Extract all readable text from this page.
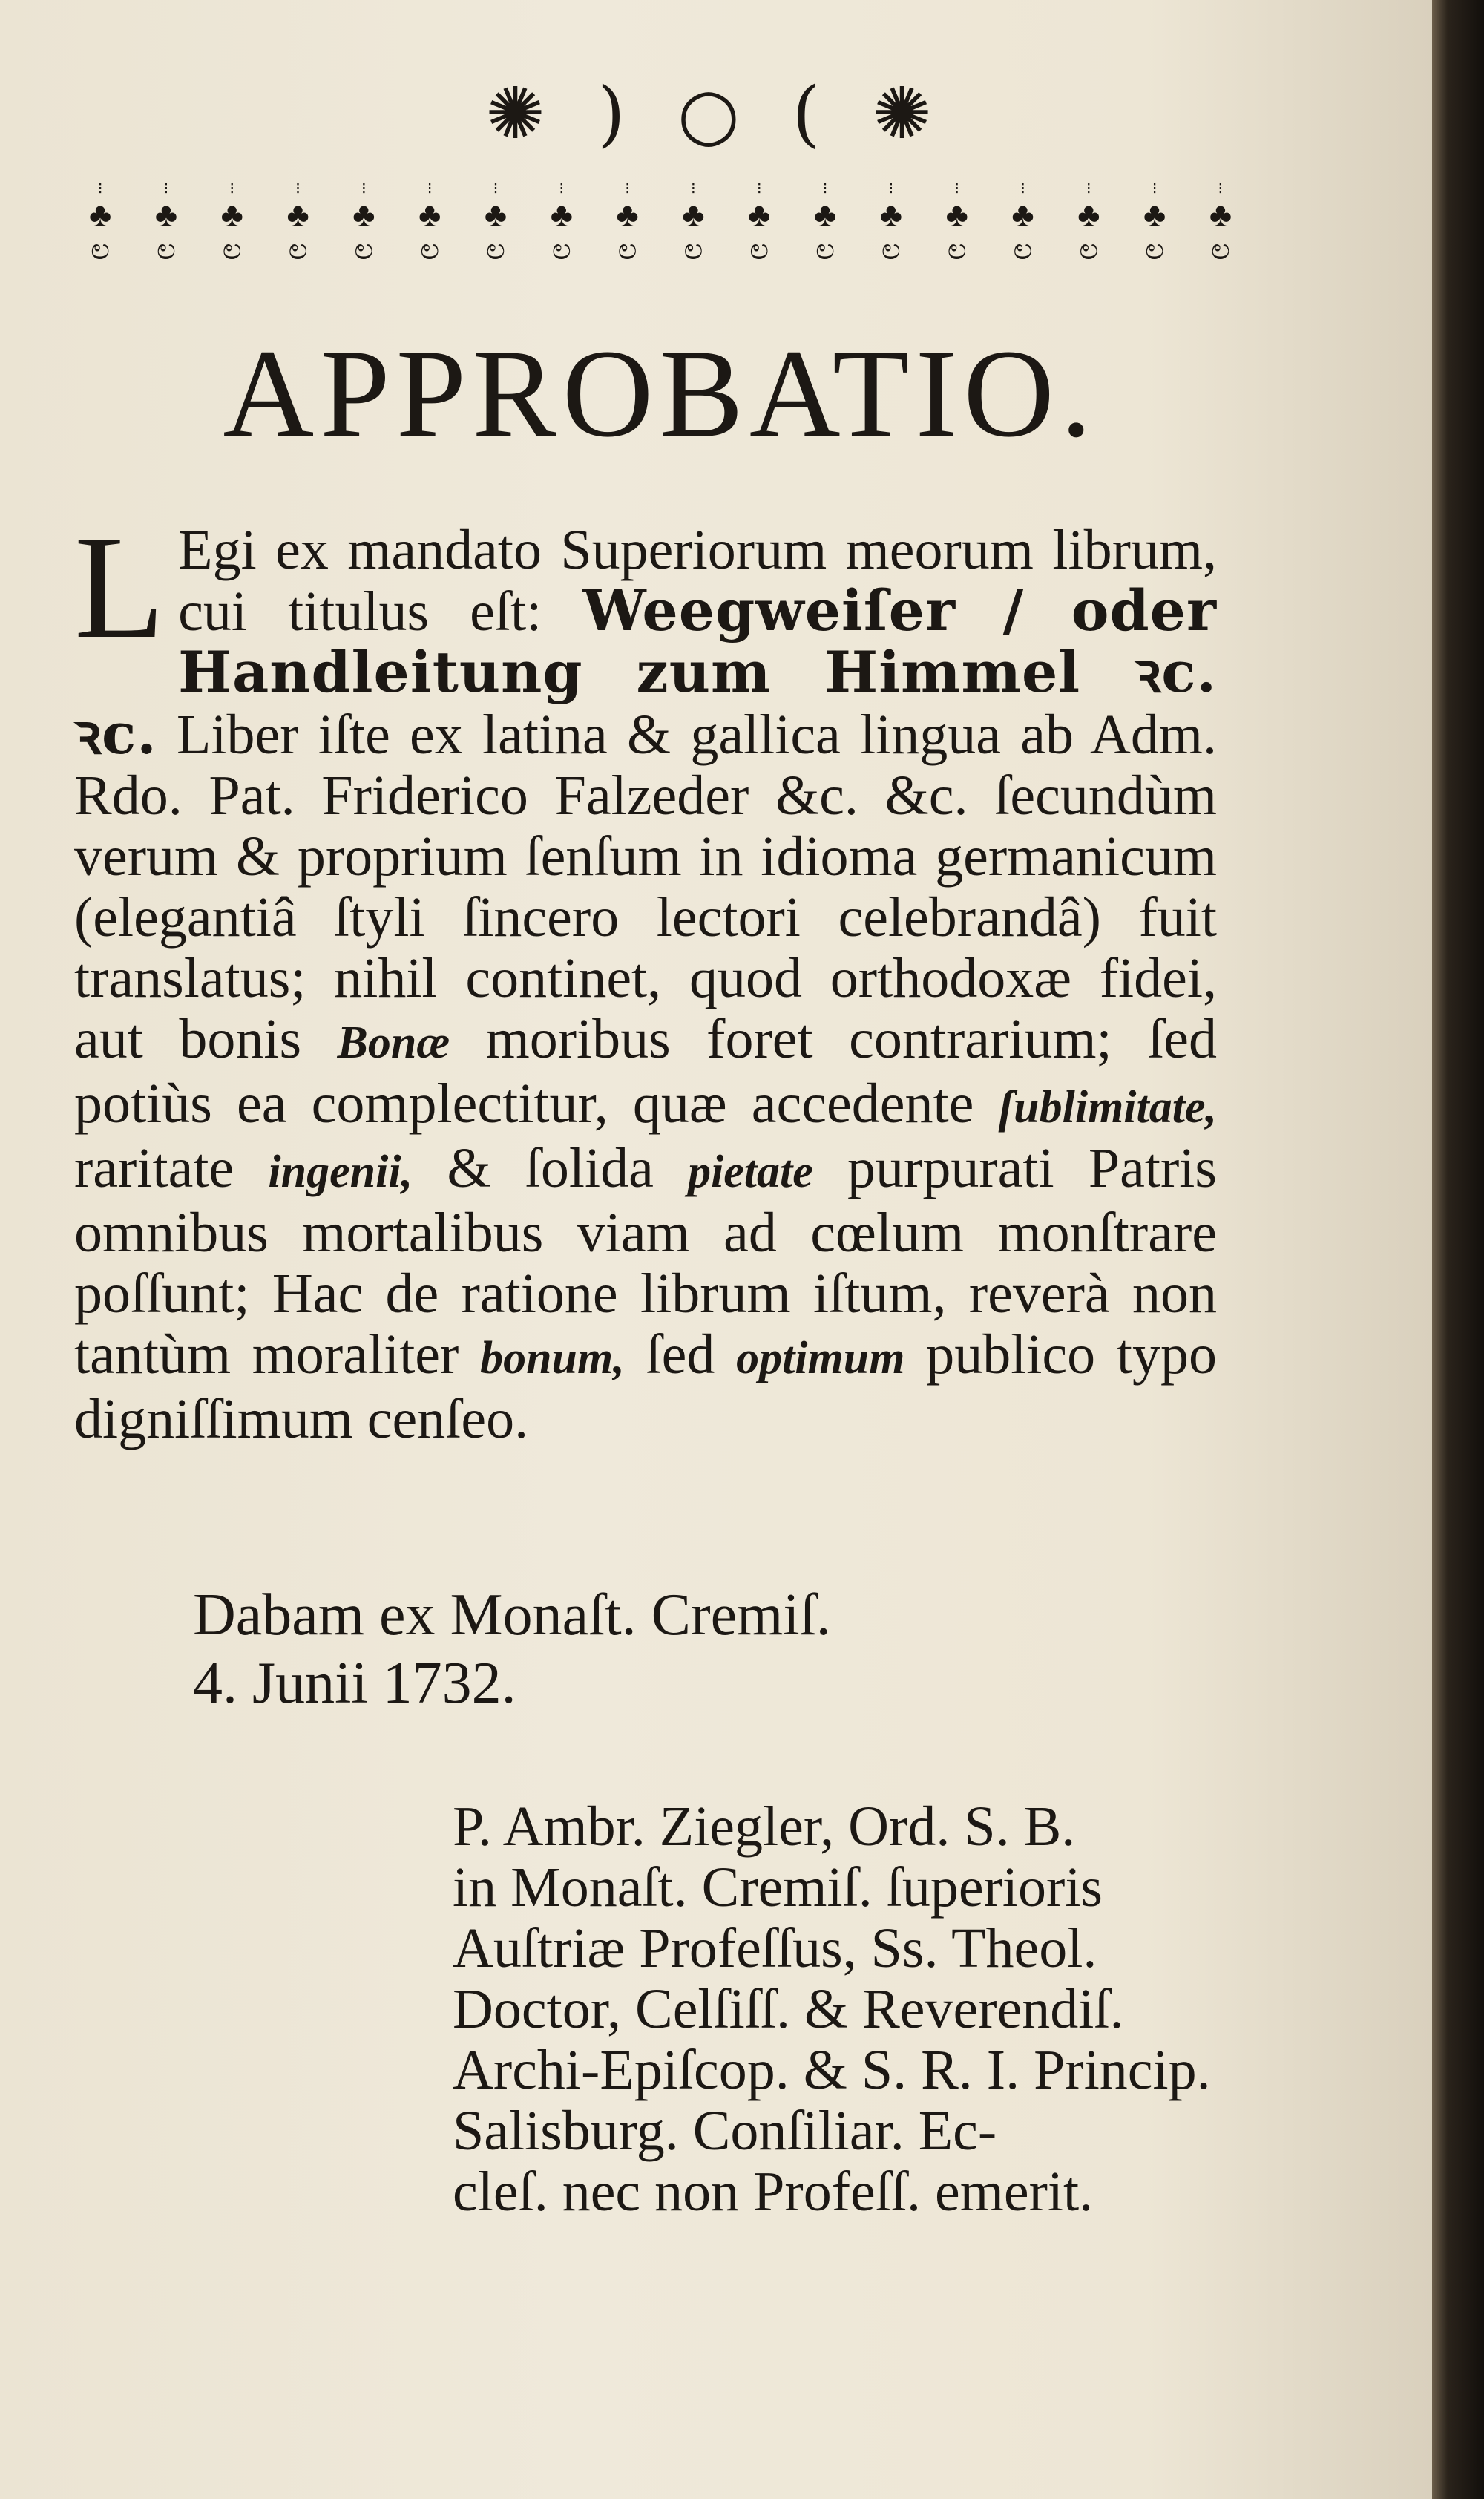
✺ ) ○ ( ✺
⁝
♣
ಲ
⁝
♣
ಲ
⁝
♣
ಲ
⁝
♣
ಲ
⁝
♣
ಲ
⁝
♣
ಲ
⁝
♣
ಲ
⁝
♣
ಲ
⁝
♣
ಲ
⁝
♣
ಲ
⁝
♣
ಲ
⁝
♣
ಲ
⁝
♣
ಲ
⁝
♣
ಲ
⁝
♣
ಲ
⁝
♣
ಲ
⁝
♣
ಲ
⁝
♣
ಲ
APPROBATIO.
L Egi ex mandato Superiorum meorum librum, cui titulus eſt: Weegweiſer / oder Handleitung zum Himmel ꝛc. ꝛc. Liber iſte ex latina & gallica lingua ab Adm. Rdo. Pat. Friderico Falzeder &c. &c. ſecundùm verum & proprium ſenſum in idioma germanicum (elegantiâ ſtyli ſincero lectori celebrandâ) fuit translatus; nihil continet, quod orthodoxæ fidei, aut bonis Bonæ moribus foret contrarium; ſed potiùs ea complectitur, quæ accedente ſublimitate, raritate ingenii, & ſolida pietate purpurati Patris omnibus mortalibus viam ad cœlum monſtrare poſſunt; Hac de ratione librum iſtum, reverà non tantùm moraliter bonum, ſed optimum publico typo digniſſimum cenſeo.
Dabam ex Monaſt. Cremiſ.
4. Junii 1732.
P. Ambr. Ziegler, Ord. S. B.
in Monaſt. Cremiſ. ſuperioris
Auſtriæ Profeſſus, Ss. Theol.
Doctor, Celſiſſ. & Reverendiſ.
Archi-Epiſcop. & S. R. I. Princip. Salisburg. Conſiliar. Ec-
cleſ. nec non Profeſſ. emerit.
